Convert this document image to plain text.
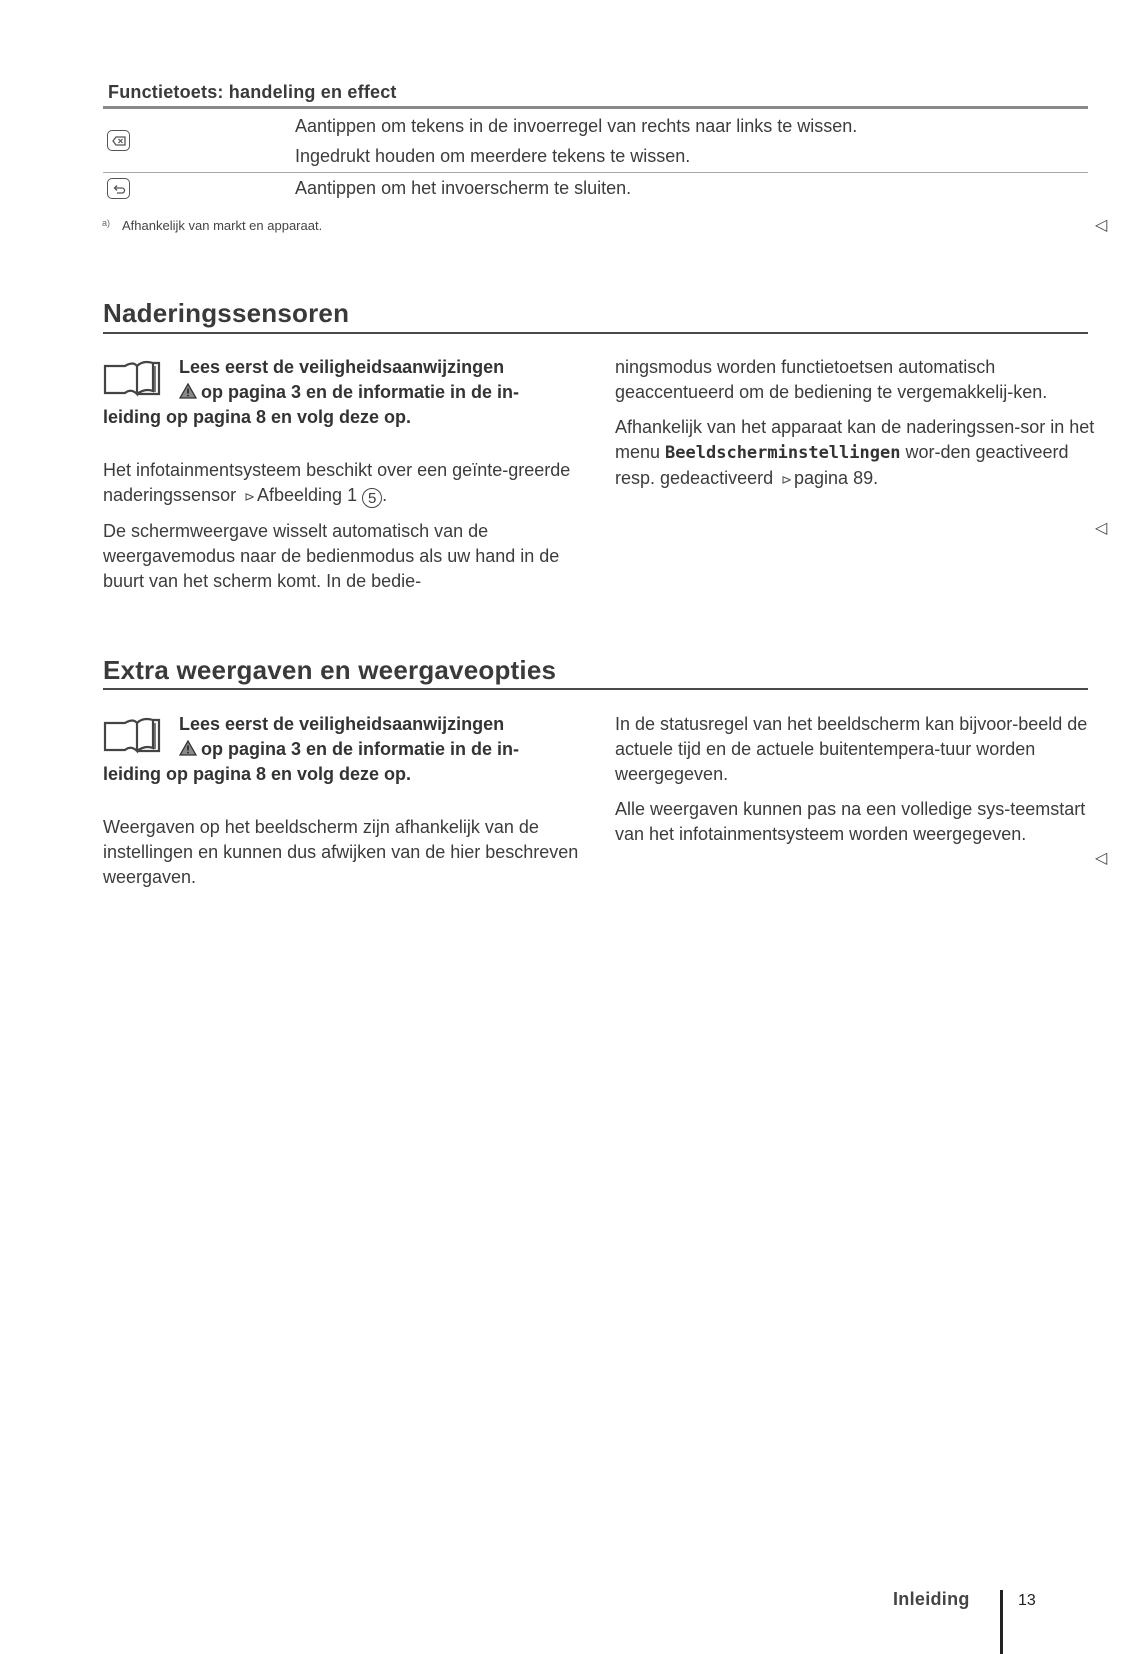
Functietoets: handeling en effect
Aantippen om tekens in de invoerregel van rechts naar links te wissen.
Ingedrukt houden om meerdere tekens te wissen.
Aantippen om het invoerscherm te sluiten.
$^{a)}$ Afhankelijk van markt en apparaat.	◁
Naderingssensoren
Lees eerst de veiligheidsaanwijzingen
op pagina 3 en de informatie in de in-
leiding op pagina 8 en volg deze op.

Het infotainmentsysteem beschikt over een geïnte-greerde naderingssensor ⊳ Afbeelding 1 5 .

De schermweergave wisselt automatisch van de weergavemodus naar de bedienmodus als uw hand in de buurt van het scherm komt. In de bedie-

ningsmodus worden functietoetsen automatisch geaccentueerd om de bediening te vergemakkelij-ken.

Afhankelijk van het apparaat kan de naderingssen-sor in het menu Beeldscherminstellingen wor-den geactiveerd resp. gedeactiveerd ⊳ pagina 89.

◁
Extra weergaven en weergaveopties
Lees eerst de veiligheidsaanwijzingen
op pagina 3 en de informatie in de in-
leiding op pagina 8 en volg deze op.

Weergaven op het beeldscherm zijn afhankelijk van de instellingen en kunnen dus afwijken van de hier beschreven weergaven.

In de statusregel van het beeldscherm kan bijvoor-beeld de actuele tijd en de actuele buitentempera-tuur worden weergegeven.

Alle weergaven kunnen pas na een volledige sys-teemstart van het infotainmentsysteem worden weergegeven.

◁
Inleiding	13
